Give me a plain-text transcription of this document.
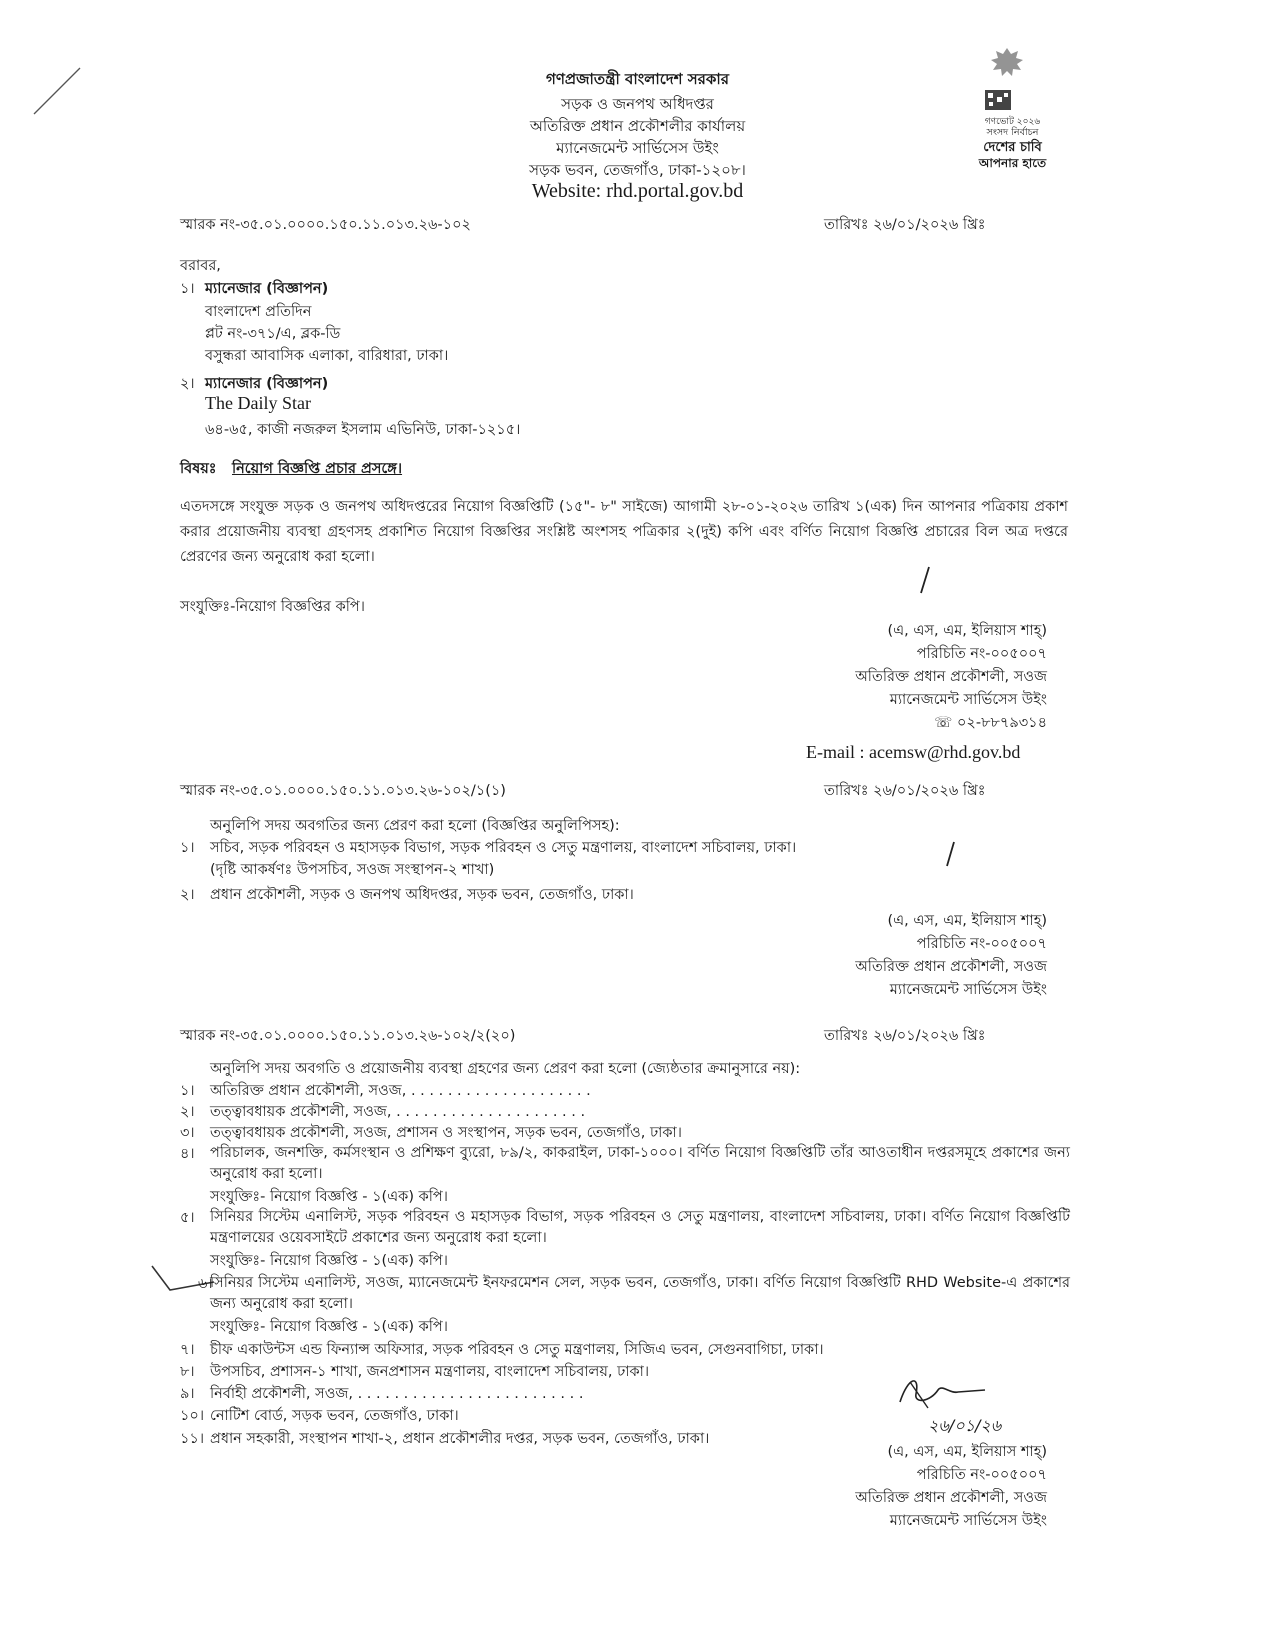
গণপ্রজাতন্ত্রী বাংলাদেশ সরকার
সড়ক ও জনপথ অধিদপ্তর
অতিরিক্ত প্রধান প্রকৌশলীর কার্যালয়
ম্যানেজমেন্ট সার্ভিসেস উইং
সড়ক ভবন, তেজগাঁও, ঢাকা-১২০৮।
Website: rhd.portal.gov.bd
গণভোট ২০২৬
সংসদ নির্বাচন
দেশের চাবি
আপনার হাতে
স্মারক নং-৩৫.০১.০০০০.১৫০.১১.০১৩.২৬-১০২	তারিখঃ ২৬/০১/২০২৬ খ্রিঃ
বরাবর,
১। ম্যানেজার (বিজ্ঞাপন)
বাংলাদেশ প্রতিদিন
প্লট নং-৩৭১/এ, ব্লক-ডি
বসুন্ধরা আবাসিক এলাকা, বারিধারা, ঢাকা।
২। ম্যানেজার (বিজ্ঞাপন)
The Daily Star
৬৪-৬৫, কাজী নজরুল ইসলাম এভিনিউ, ঢাকা-১২১৫।
বিষয়ঃ নিয়োগ বিজ্ঞপ্তি প্রচার প্রসঙ্গে।
এতদসঙ্গে সংযুক্ত সড়ক ও জনপথ অধিদপ্তরের নিয়োগ বিজ্ঞপ্তিটি (১৫"- ৮" সাইজে) আগামী ২৮-০১-২০২৬ তারিখ ১(এক) দিন আপনার পত্রিকায় প্রকাশ করার প্রয়োজনীয় ব্যবস্থা গ্রহণসহ প্রকাশিত নিয়োগ বিজ্ঞপ্তির সংশ্লিষ্ট অংশসহ পত্রিকার ২(দুই) কপি এবং বর্ণিত নিয়োগ বিজ্ঞপ্তি প্রচারের বিল অত্র দপ্তরে প্রেরণের জন্য অনুরোধ করা হলো।
সংযুক্তিঃ-নিয়োগ বিজ্ঞপ্তির কপি।
(এ, এস, এম, ইলিয়াস শাহ্)
পরিচিতি নং-০০৫০০৭
অতিরিক্ত প্রধান প্রকৌশলী, সওজ
ম্যানেজমেন্ট সার্ভিসেস উইং
☏ ০২-৮৮৭৯৩১৪
E-mail : acemsw@rhd.gov.bd
স্মারক নং-৩৫.০১.০০০০.১৫০.১১.০১৩.২৬-১০২/১(১)	তারিখঃ ২৬/০১/২০২৬ খ্রিঃ
অনুলিপি সদয় অবগতির জন্য প্রেরণ করা হলো (বিজ্ঞপ্তির অনুলিপিসহ):
১। সচিব, সড়ক পরিবহন ও মহাসড়ক বিভাগ, সড়ক পরিবহন ও সেতু মন্ত্রণালয়, বাংলাদেশ সচিবালয়, ঢাকা।
(দৃষ্টি আকর্ষণঃ উপসচিব, সওজ সংস্থাপন-২ শাখা)
২। প্রধান প্রকৌশলী, সড়ক ও জনপথ অধিদপ্তর, সড়ক ভবন, তেজগাঁও, ঢাকা।
(এ, এস, এম, ইলিয়াস শাহ্)
পরিচিতি নং-০০৫০০৭
অতিরিক্ত প্রধান প্রকৌশলী, সওজ
ম্যানেজমেন্ট সার্ভিসেস উইং
স্মারক নং-৩৫.০১.০০০০.১৫০.১১.০১৩.২৬-১০২/২(২০)	তারিখঃ ২৬/০১/২০২৬ খ্রিঃ
অনুলিপি সদয় অবগতি ও প্রয়োজনীয় ব্যবস্থা গ্রহণের জন্য প্রেরণ করা হলো (জ্যেষ্ঠতার ক্রমানুসারে নয়):
১। অতিরিক্ত প্রধান প্রকৌশলী, সওজ, . . . . . . . . . . . . . . . . . . . .
২। তত্ত্বাবধায়ক প্রকৌশলী, সওজ, . . . . . . . . . . . . . . . . . . . . .
৩। তত্ত্বাবধায়ক প্রকৌশলী, সওজ, প্রশাসন ও সংস্থাপন, সড়ক ভবন, তেজগাঁও, ঢাকা।
৪। পরিচালক, জনশক্তি, কর্মসংস্থান ও প্রশিক্ষণ ব্যুরো, ৮৯/২, কাকরাইল, ঢাকা-১০০০। বর্ণিত নিয়োগ বিজ্ঞপ্তিটি তাঁর আওতাধীন দপ্তরসমূহে প্রকাশের জন্য অনুরোধ করা হলো।
সংযুক্তিঃ- নিয়োগ বিজ্ঞপ্তি - ১(এক) কপি।
৫। সিনিয়র সিস্টেম এনালিস্ট, সড়ক পরিবহন ও মহাসড়ক বিভাগ, সড়ক পরিবহন ও সেতু মন্ত্রণালয়, বাংলাদেশ সচিবালয়, ঢাকা। বর্ণিত নিয়োগ বিজ্ঞপ্তিটি মন্ত্রণালয়ের ওয়েবসাইটে প্রকাশের জন্য অনুরোধ করা হলো।
সংযুক্তিঃ- নিয়োগ বিজ্ঞপ্তি - ১(এক) কপি।
৬।
সিনিয়র সিস্টেম এনালিস্ট, সওজ, ম্যানেজমেন্ট ইনফরমেশন সেল, সড়ক ভবন, তেজগাঁও, ঢাকা। বর্ণিত নিয়োগ বিজ্ঞপ্তিটি RHD Website-এ প্রকাশের জন্য অনুরোধ করা হলো।
সংযুক্তিঃ- নিয়োগ বিজ্ঞপ্তি - ১(এক) কপি।
৭। চীফ একাউন্টস এন্ড ফিন্যান্স অফিসার, সড়ক পরিবহন ও সেতু মন্ত্রণালয়, সিজিএ ভবন, সেগুনবাগিচা, ঢাকা।
৮। উপসচিব, প্রশাসন-১ শাখা, জনপ্রশাসন মন্ত্রণালয়, বাংলাদেশ সচিবালয়, ঢাকা।
৯। নির্বাহী প্রকৌশলী, সওজ, . . . . . . . . . . . . . . . . . . . . . . . . .
১০। নোটিশ বোর্ড, সড়ক ভবন, তেজগাঁও, ঢাকা।
১১। প্রধান সহকারী, সংস্থাপন শাখা-২, প্রধান প্রকৌশলীর দপ্তর, সড়ক ভবন, তেজগাঁও, ঢাকা।
২৬/০১/২৬
(এ, এস, এম, ইলিয়াস শাহ্)
পরিচিতি নং-০০৫০০৭
অতিরিক্ত প্রধান প্রকৌশলী, সওজ
ম্যানেজমেন্ট সার্ভিসেস উইং
